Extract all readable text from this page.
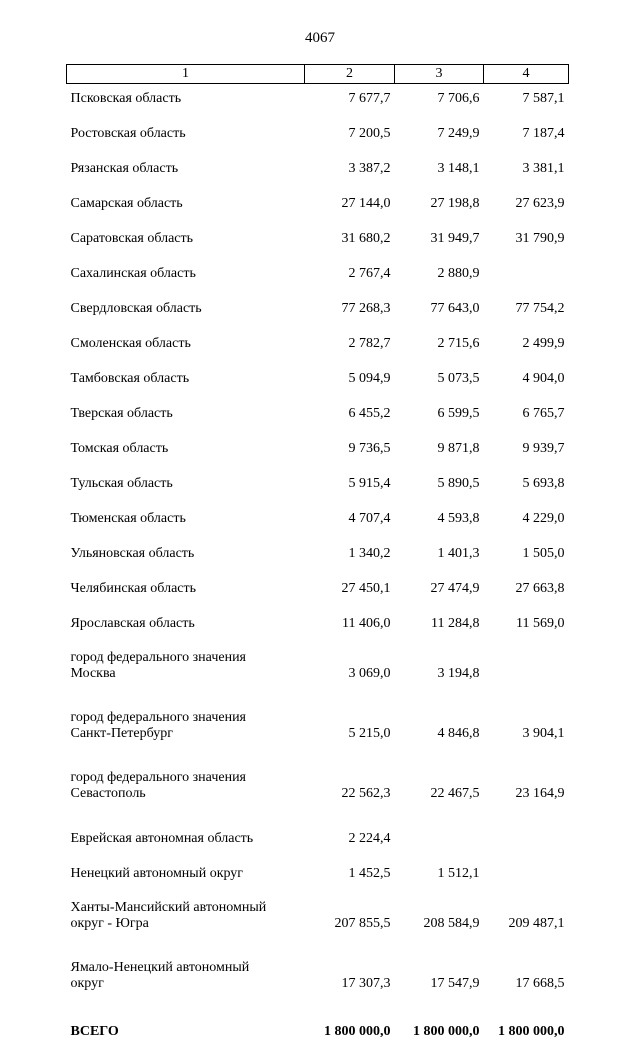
4067
1	2	3	4
Псковская область	7 677,7	7 706,6	7 587,1
Ростовская область	7 200,5	7 249,9	7 187,4
Рязанская область	3 387,2	3 148,1	3 381,1
Самарская область	27 144,0	27 198,8	27 623,9
Саратовская область	31 680,2	31 949,7	31 790,9
Сахалинская область	2 767,4	2 880,9	
Свердловская область	77 268,3	77 643,0	77 754,2
Смоленская область	2 782,7	2 715,6	2 499,9
Тамбовская область	5 094,9	5 073,5	4 904,0
Тверская область	6 455,2	6 599,5	6 765,7
Томская область	9 736,5	9 871,8	9 939,7
Тульская область	5 915,4	5 890,5	5 693,8
Тюменская область	4 707,4	4 593,8	4 229,0
Ульяновская область	1 340,2	1 401,3	1 505,0
Челябинская область	27 450,1	27 474,9	27 663,8
Ярославская область	11 406,0	11 284,8	11 569,0

город федерального значения
Москва	3 069,0	3 194,8	

город федерального значения
Санкт-Петербург	5 215,0	4 846,8	3 904,1

город федерального значения
Севастополь	22 562,3	22 467,5	23 164,9
Еврейская автономная область	2 224,4		
Ненецкий автономный округ	1 452,5	1 512,1	

Ханты-Мансийский автономный
округ - Югра	207 855,5	208 584,9	209 487,1

Ямало-Ненецкий автономный
округ	17 307,3	17 547,9	17 668,5
ВСЕГО	1 800 000,0	1 800 000,0	1 800 000,0
